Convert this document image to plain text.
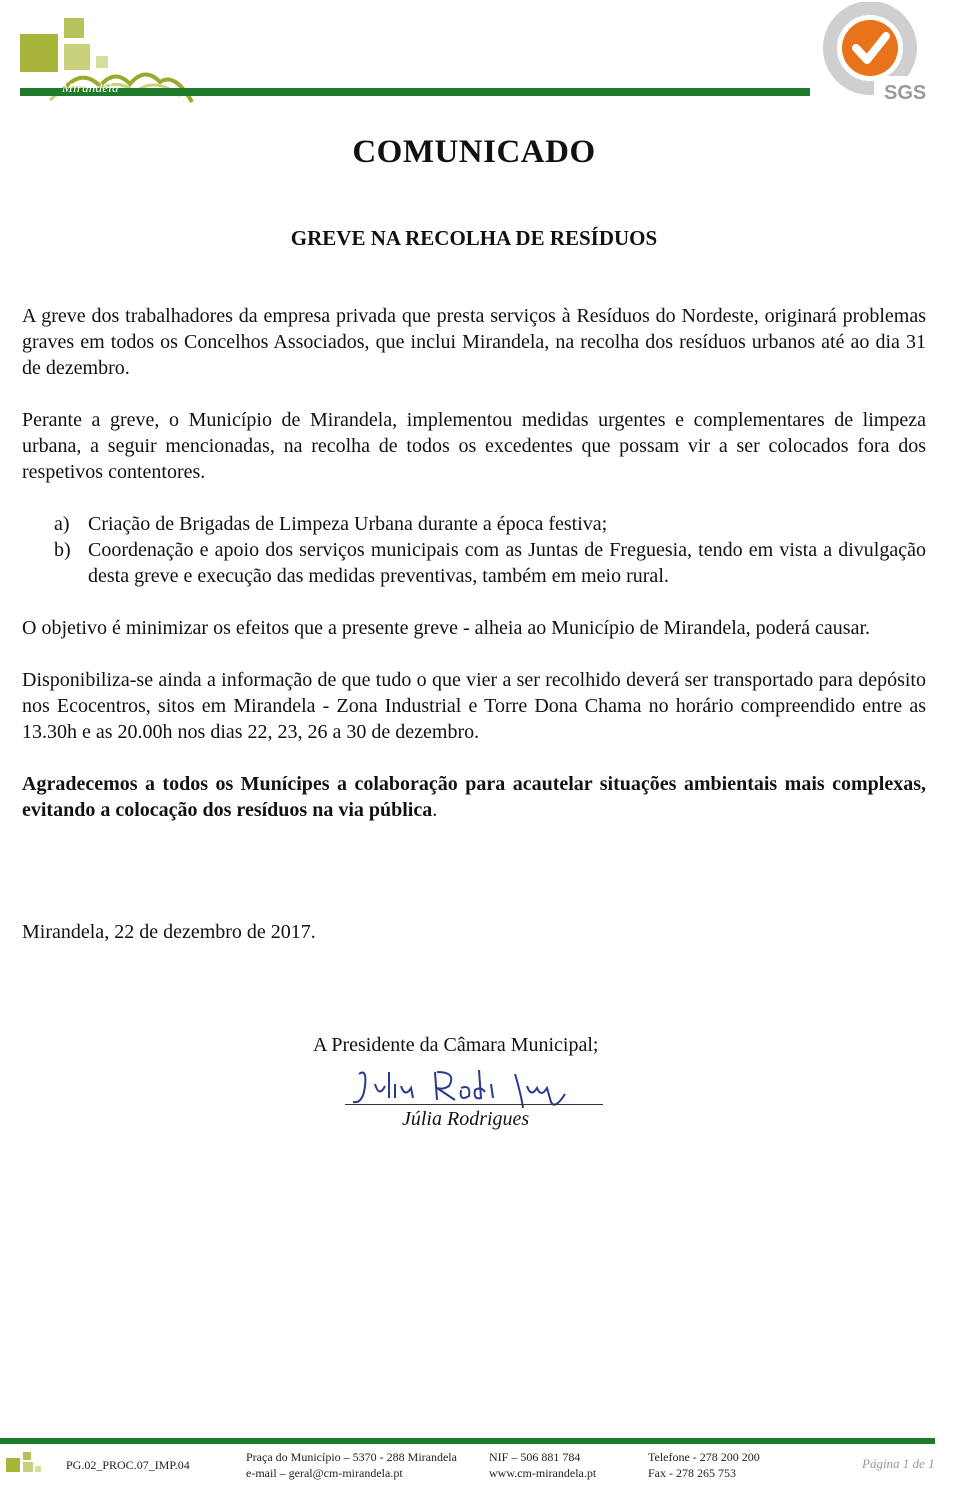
Mirandela	SGS
COMUNICADO
GREVE NA RECOLHA DE RESÍDUOS

A greve dos trabalhadores da empresa privada que presta serviços à Resíduos do Nordeste, originará problemas graves em todos os Concelhos Associados, que inclui Mirandela, na recolha dos resíduos urbanos até ao dia 31 de dezembro.

Perante a greve, o Município de Mirandela, implementou medidas urgentes e complementares de limpeza urbana, a seguir mencionadas, na recolha de todos os excedentes que possam vir a ser colocados fora dos respetivos contentores.

a) Criação de Brigadas de Limpeza Urbana durante a época festiva;
b) Coordenação e apoio dos serviços municipais com as Juntas de Freguesia, tendo em vista a divulgação desta greve e execução das medidas preventivas, também em meio rural.

O objetivo é minimizar os efeitos que a presente greve - alheia ao Município de Mirandela, poderá causar.

Disponibiliza-se ainda a informação de que tudo o que vier a ser recolhido deverá ser transportado para depósito nos Ecocentros, sitos em Mirandela - Zona Industrial e Torre Dona Chama no horário compreendido entre as 13.30h e as 20.00h nos dias 22, 23, 26 a 30 de dezembro.

Agradecemos a todos os Munícipes a colaboração para acautelar situações ambientais mais complexas, evitando a colocação dos resíduos na via pública.

Mirandela, 22 de dezembro de 2017.
A Presidente da Câmara Municipal;
Júlia Rodrigues
PG.02_PROC.07_IMP.04
Praça do Município – 5370 - 288 Mirandela
e-mail – geral@cm-mirandela.pt
NIF – 506 881 784
www.cm-mirandela.pt
Telefone - 278 200 200
Fax - 278 265 753
Página 1 de 1
